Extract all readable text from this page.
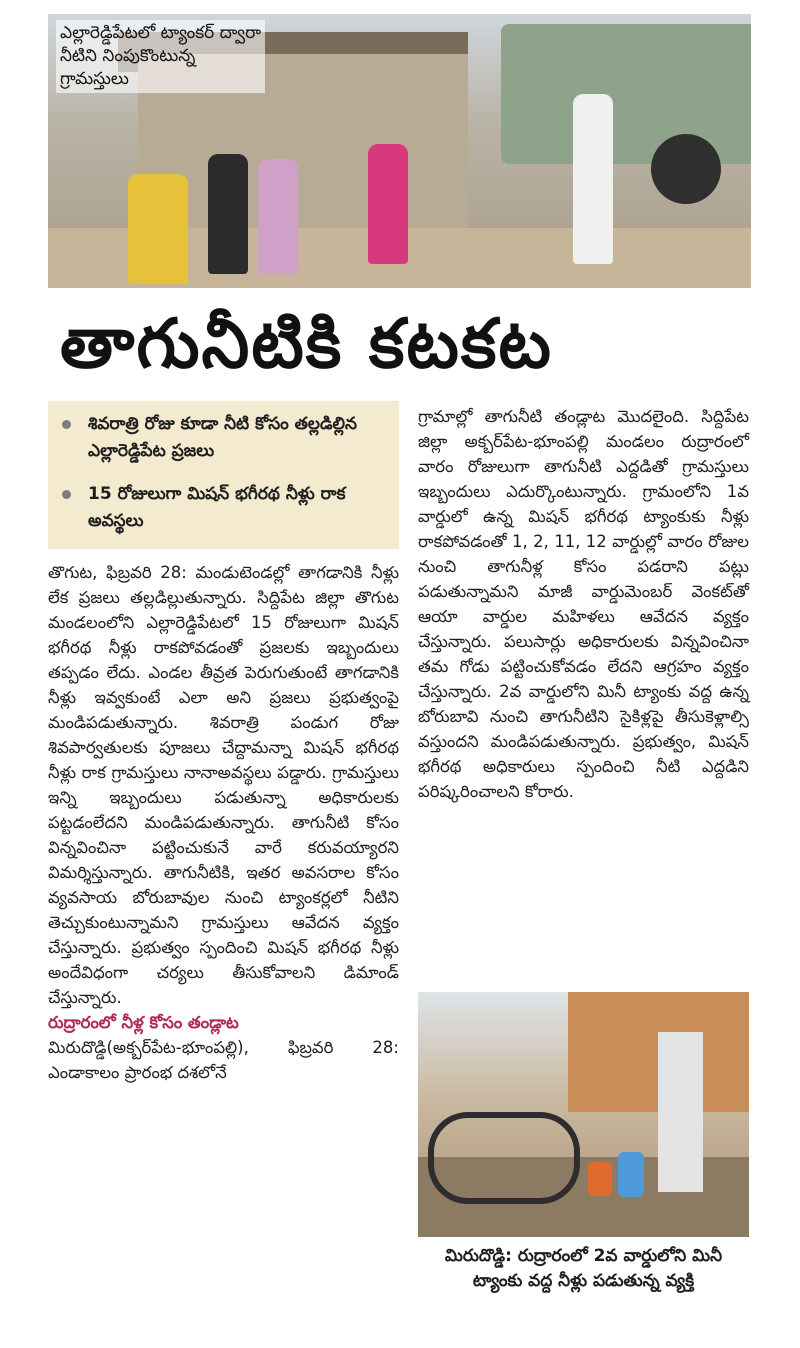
ఎల్లారెడ్డిపేటలో ట్యాంకర్ ద్వారా
నీటిని నింపుకొంటున్న
గ్రామస్తులు
తాగునీటికి కటకట
శివరాత్రి రోజు కూడా నీటి కోసం తల్లడిల్లిన ఎల్లారెడ్డిపేట ప్రజలు
15 రోజులుగా మిషన్ భగీరథ నీళ్లు రాక అవస్థలు

తొగుట, ఫిబ్రవరి 28: మండుటెండల్లో తాగడానికి నీళ్లు లేక ప్రజలు తల్లడిల్లుతున్నారు. సిద్దిపేట జిల్లా తొగుట మండలంలోని ఎల్లారెడ్డిపేటలో 15 రోజులుగా మిషన్ భగీరథ నీళ్లు రాకపోవడంతో ప్రజలకు ఇబ్బందులు తప్పడం లేదు. ఎండల తీవ్రత పెరుగుతుంటే తాగడానికి నీళ్లు ఇవ్వకుంటే ఎలా అని ప్రజలు ప్రభుత్వంపై మండిపడుతున్నారు. శివరాత్రి పండుగ రోజు శివపార్వతులకు పూజలు చేద్దామన్నా మిషన్ భగీరథ నీళ్లు రాక గ్రామస్తులు నానాఅవస్థలు పడ్డారు. గ్రామస్తులు ఇన్ని ఇబ్బందులు పడుతున్నా అధికారులకు పట్టడంలేదని మండిపడుతున్నారు. తాగునీటి కోసం విన్నవించినా పట్టించుకునే వారే కరువయ్యారని విమర్శిస్తున్నారు. తాగునీటికి, ఇతర అవసరాల కోసం వ్యవసాయ బోరుబావుల నుంచి ట్యాంకర్లలో నీటిని తెచ్చుకుంటున్నామని గ్రామస్తులు ఆవేదన వ్యక్తం చేస్తున్నారు. ప్రభుత్వం స్పందించి మిషన్ భగీరథ నీళ్లు అందేవిధంగా చర్యలు తీసుకోవాలని డిమాండ్ చేస్తున్నారు.

రుద్రారంలో నీళ్ల కోసం తండ్లాట

మిరుదొడ్డి(అక్బర్‌పేట-భూంపల్లి), ఫిబ్రవరి 28: ఎండాకాలం ప్రారంభ దశలోనే

గ్రామాల్లో తాగునీటి తండ్లాట మొదలైంది. సిద్దిపేట జిల్లా అక్బర్‌పేట-భూంపల్లి మండలం రుద్రారంలో వారం రోజులుగా తాగునీటి ఎద్దడితో గ్రామస్తులు ఇబ్బందులు ఎదుర్కొంటున్నారు. గ్రామంలోని 1వ వార్డులో ఉన్న మిషన్ భగీరథ ట్యాంకుకు నీళ్లు రాకపోవడంతో 1, 2, 11, 12 వార్డుల్లో వారం రోజుల నుంచి తాగునీళ్ల కోసం పడరాని పట్లు పడుతున్నామని మాజీ వార్డుమెంబర్ వెంకట్‌తో ఆయా వార్డుల మహిళలు ఆవేదన వ్యక్తం చేస్తున్నారు. పలుసార్లు అధికారులకు విన్నవించినా తమ గోడు పట్టించుకోవడం లేదని ఆగ్రహం వ్యక్తం చేస్తున్నారు. 2వ వార్డులోని మినీ ట్యాంకు వద్ద ఉన్న బోరుబావి నుంచి తాగునీటిని సైకిళ్లపై తీసుకెళ్లాల్సి వస్తుందని మండిపడుతున్నారు. ప్రభుత్వం, మిషన్ భగీరథ అధికారులు స్పందించి నీటి ఎద్దడిని పరిష్కరించాలని కోరారు.

మిరుదొడ్డి: రుద్రారంలో 2వ వార్డులోని మినీ ట్యాంకు వద్ద నీళ్లు పడుతున్న వ్యక్తి
